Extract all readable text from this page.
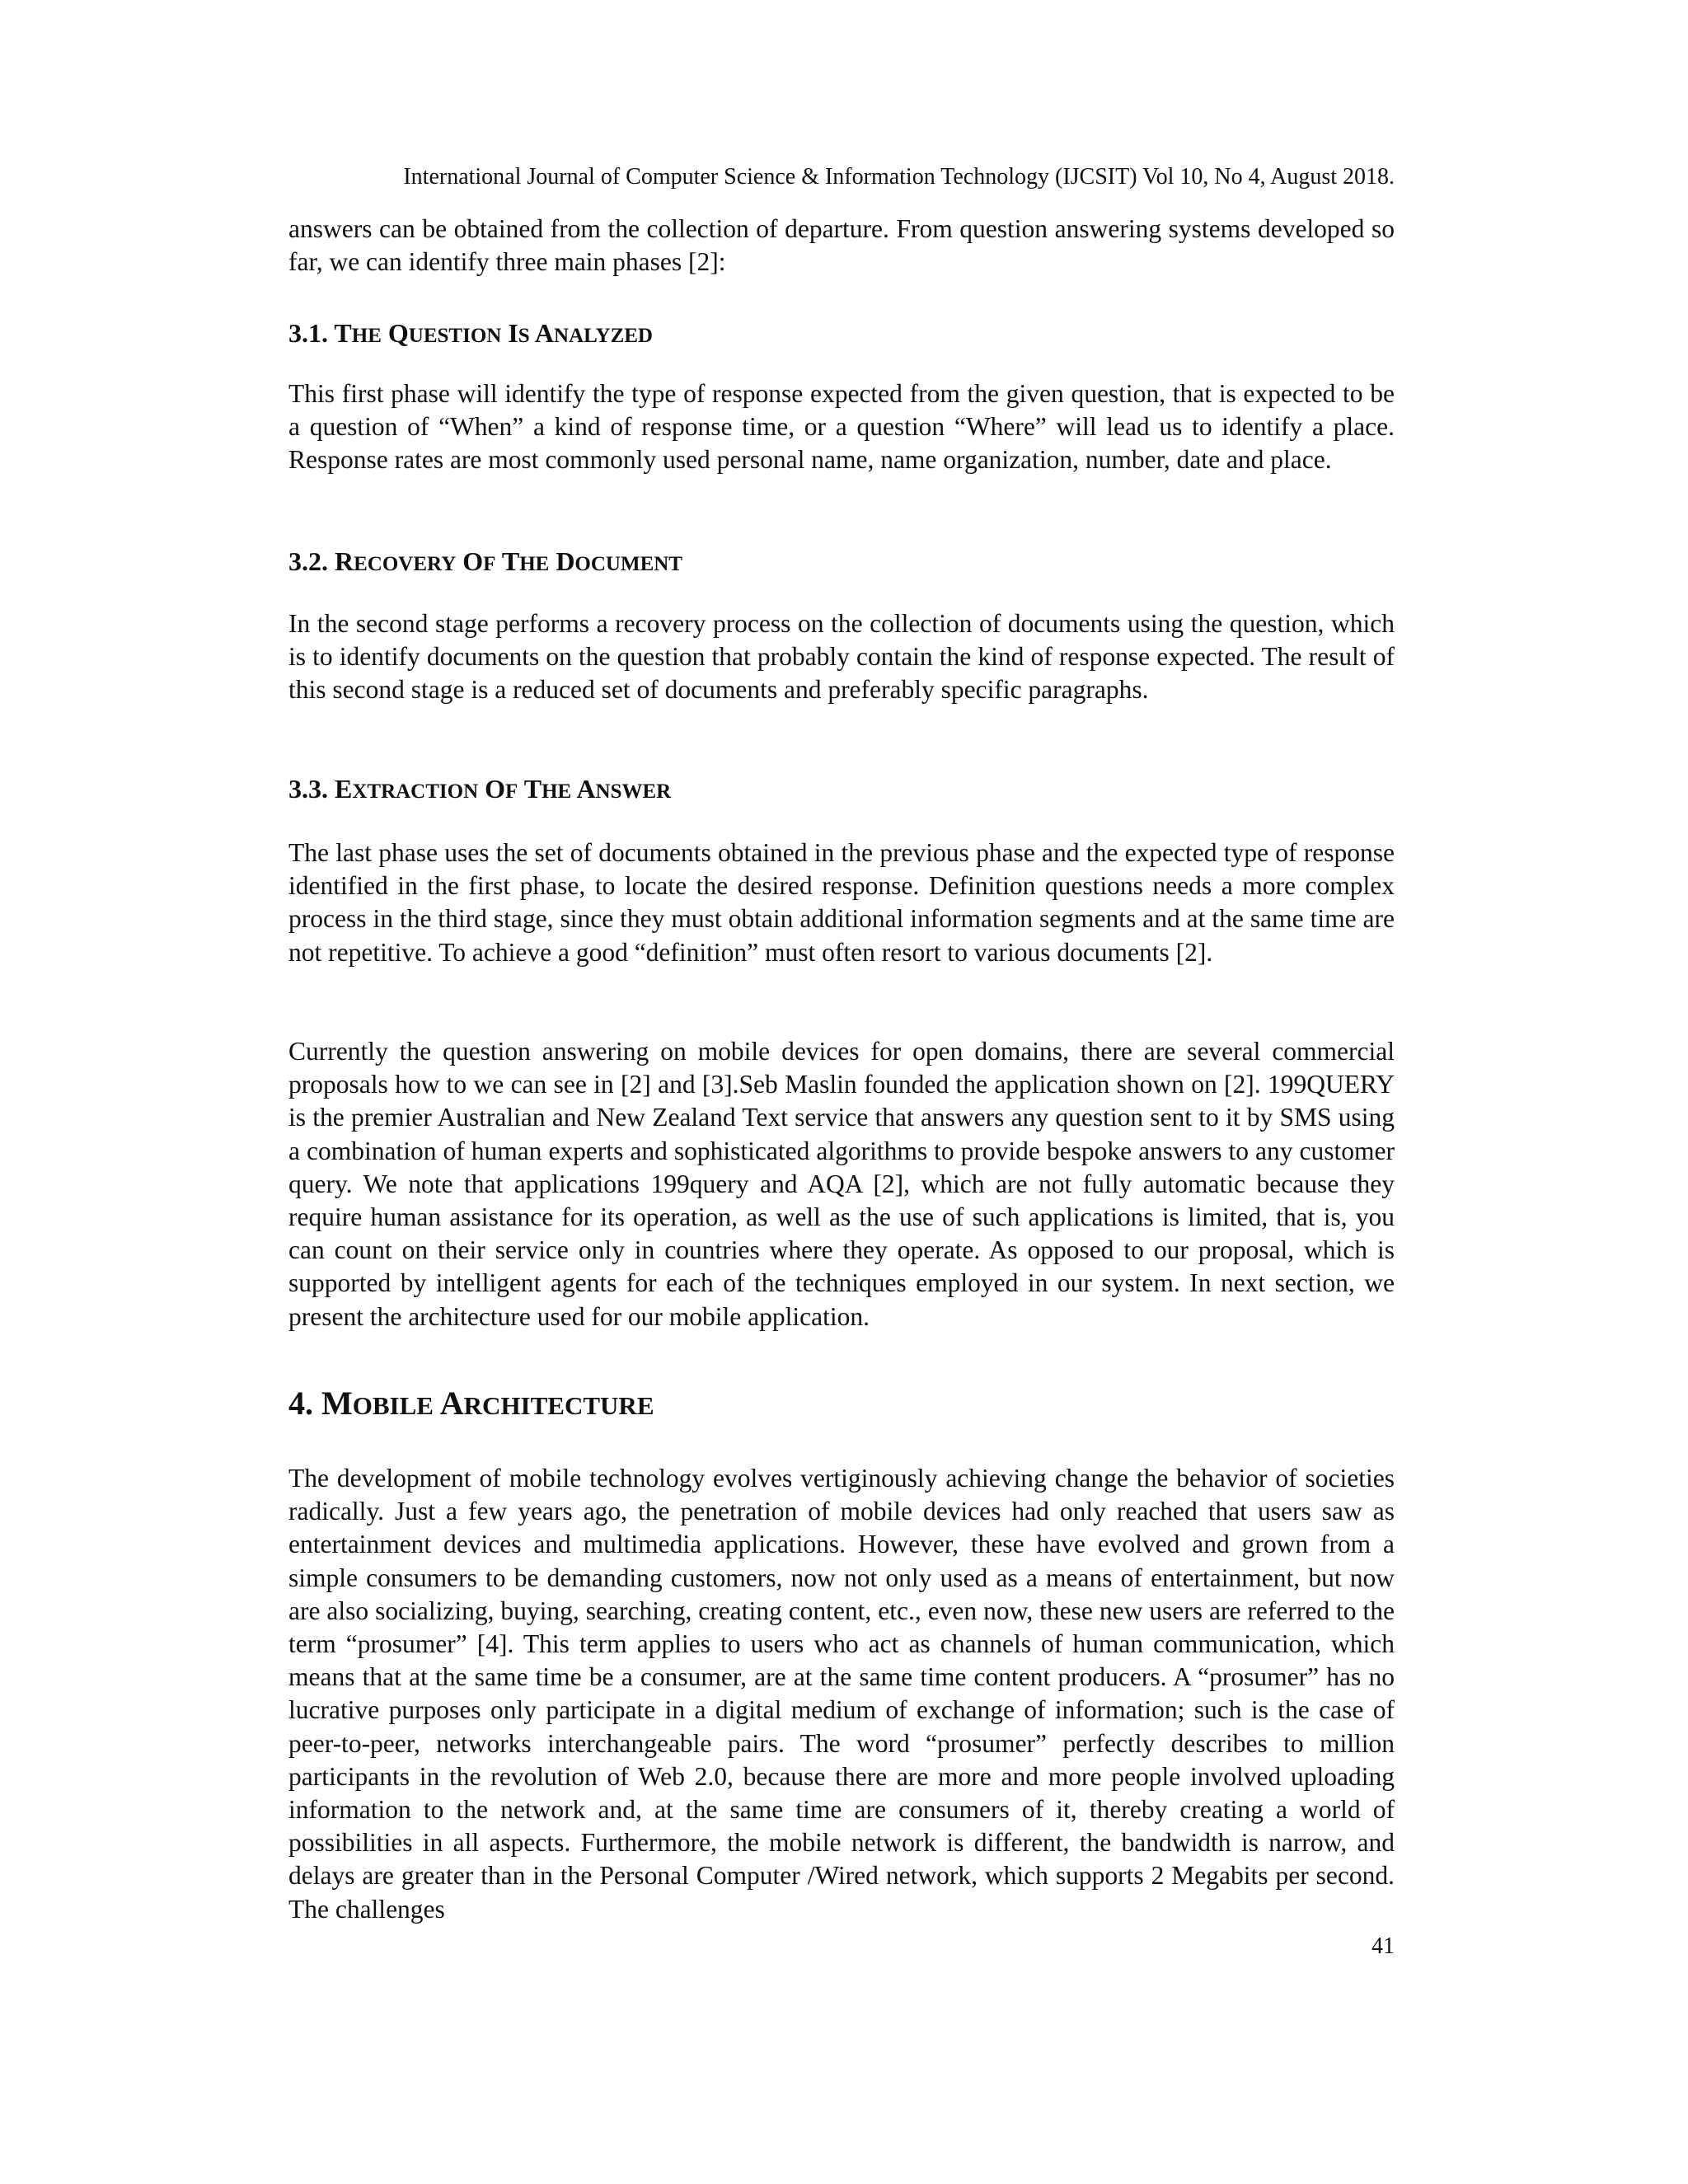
International Journal of Computer Science & Information Technology (IJCSIT) Vol 10, No 4, August 2018.

answers can be obtained from the collection of departure. From question answering systems developed so far, we can identify three main phases [2]:

3.1. THE QUESTION IS ANALYZED

This first phase will identify the type of response expected from the given question, that is expected to be a question of “When” a kind of response time, or a question “Where” will lead us to identify a place. Response rates are most commonly used personal name, name organization, number, date and place.

3.2. RECOVERY OF THE DOCUMENT

In the second stage performs a recovery process on the collection of documents using the question, which is to identify documents on the question that probably contain the kind of response expected. The result of this second stage is a reduced set of documents and preferably specific paragraphs.

3.3. EXTRACTION OF THE ANSWER

The last phase uses the set of documents obtained in the previous phase and the expected type of response identified in the first phase, to locate the desired response. Definition questions needs a more complex process in the third stage, since they must obtain additional information segments and at the same time are not repetitive. To achieve a good “definition” must often resort to various documents [2].

Currently the question answering on mobile devices for open domains, there are several commercial proposals how to we can see in [2] and [3].Seb Maslin founded the application shown on [2]. 199QUERY is the premier Australian and New Zealand Text service that answers any question sent to it by SMS using a combination of human experts and sophisticated algorithms to provide bespoke answers to any customer query. We note that applications 199query and AQA [2], which are not fully automatic because they require human assistance for its operation, as well as the use of such applications is limited, that is, you can count on their service only in countries where they operate. As opposed to our proposal, which is supported by intelligent agents for each of the techniques employed in our system. In next section, we present the architecture used for our mobile application.

4. MOBILE ARCHITECTURE

The development of mobile technology evolves vertiginously achieving change the behavior of societies radically. Just a few years ago, the penetration of mobile devices had only reached that users saw as entertainment devices and multimedia applications. However, these have evolved and grown from a simple consumers to be demanding customers, now not only used as a means of entertainment, but now are also socializing, buying, searching, creating content, etc., even now, these new users are referred to the term “prosumer” [4]. This term applies to users who act as channels of human communication, which means that at the same time be a consumer, are at the same time content producers. A “prosumer” has no lucrative purposes only participate in a digital medium of exchange of information; such is the case of peer-to-peer, networks interchangeable pairs. The word “prosumer” perfectly describes to million participants in the revolution of Web 2.0, because there are more and more people involved uploading information to the network and, at the same time are consumers of it, thereby creating a world of possibilities in all aspects. Furthermore, the mobile network is different, the bandwidth is narrow, and delays are greater than in the Personal Computer /Wired network, which supports 2 Megabits per second. The challenges

41
